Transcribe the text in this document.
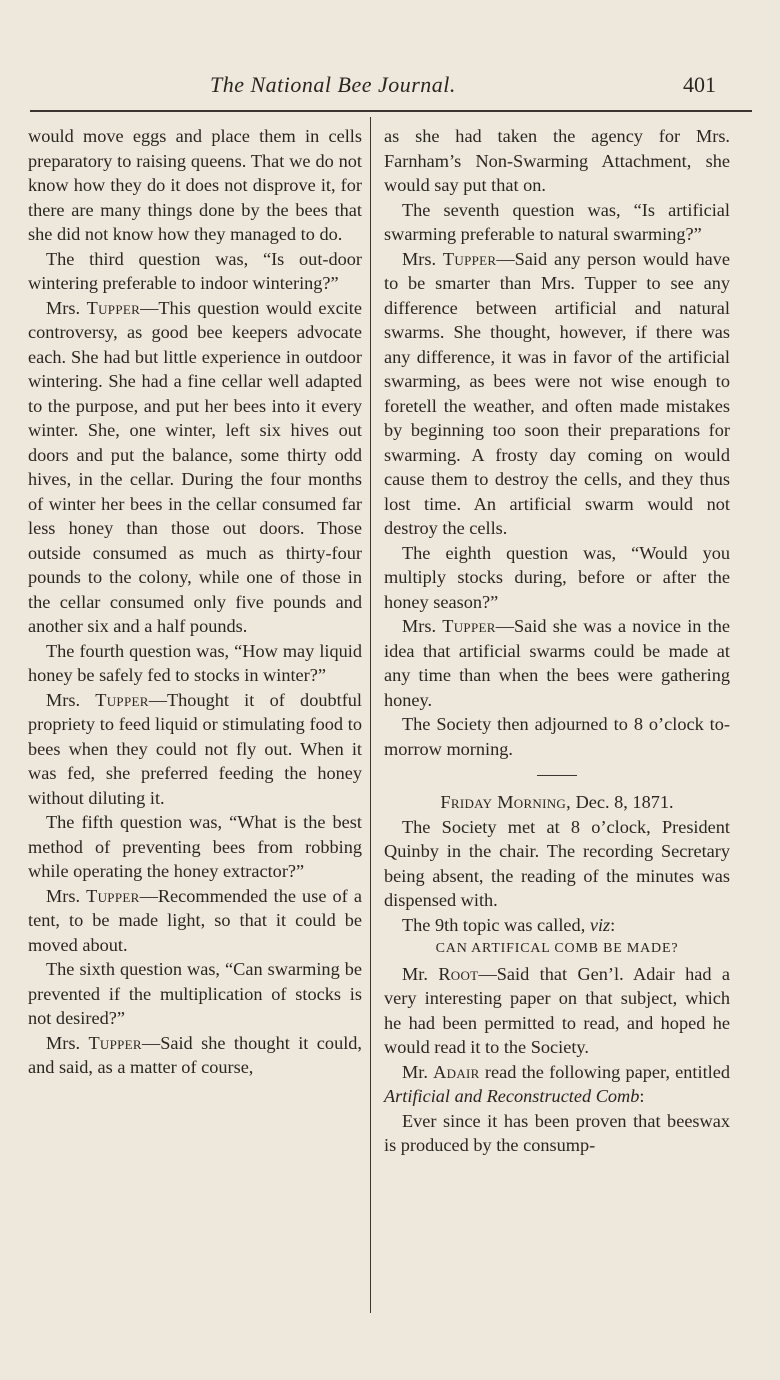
The National Bee Journal.	401

would move eggs and place them in cells preparatory to raising queens. That we do not know how they do it does not disprove it, for there are many things done by the bees that she did not know how they managed to do.

The third question was, “Is out-door wintering preferable to indoor wintering?”

Mrs. Tupper—This question would excite controversy, as good bee keepers advocate each. She had but little experience in outdoor wintering. She had a fine cellar well adapted to the purpose, and put her bees into it every winter. She, one winter, left six hives out doors and put the balance, some thirty odd hives, in the cellar. During the four months of winter her bees in the cellar consumed far less honey than those out doors. Those outside consumed as much as thirty-four pounds to the colony, while one of those in the cellar consumed only five pounds and another six and a half pounds.

The fourth question was, “How may liquid honey be safely fed to stocks in winter?”

Mrs. Tupper—Thought it of doubtful propriety to feed liquid or stimulating food to bees when they could not fly out. When it was fed, she preferred feeding the honey without diluting it.

The fifth question was, “What is the best method of preventing bees from robbing while operating the honey extractor?”

Mrs. Tupper—Recommended the use of a tent, to be made light, so that it could be moved about.

The sixth question was, “Can swarming be prevented if the multiplication of stocks is not desired?”

Mrs. Tupper—Said she thought it could, and said, as a matter of course,

as she had taken the agency for Mrs. Farnham’s Non-Swarming Attachment, she would say put that on.

The seventh question was, “Is artificial swarming preferable to natural swarming?”

Mrs. Tupper—Said any person would have to be smarter than Mrs. Tupper to see any difference between artificial and natural swarms. She thought, however, if there was any difference, it was in favor of the artificial swarming, as bees were not wise enough to foretell the weather, and often made mistakes by beginning too soon their preparations for swarming. A frosty day coming on would cause them to destroy the cells, and they thus lost time. An artificial swarm would not destroy the cells.

The eighth question was, “Would you multiply stocks during, before or after the honey season?”

Mrs. Tupper—Said she was a novice in the idea that artificial swarms could be made at any time than when the bees were gathering honey.

The Society then adjourned to 8 o’clock to-morrow morning.

Friday Morning, Dec. 8, 1871.

The Society met at 8 o’clock, President Quinby in the chair. The recording Secretary being absent, the reading of the minutes was dispensed with.

The 9th topic was called, viz:

CAN ARTIFICAL COMB BE MADE?

Mr. Root—Said that Gen’l. Adair had a very interesting paper on that subject, which he had been permitted to read, and hoped he would read it to the Society.

Mr. Adair read the following paper, entitled Artificial and Reconstructed Comb:

Ever since it has been proven that beeswax is produced by the consump-
